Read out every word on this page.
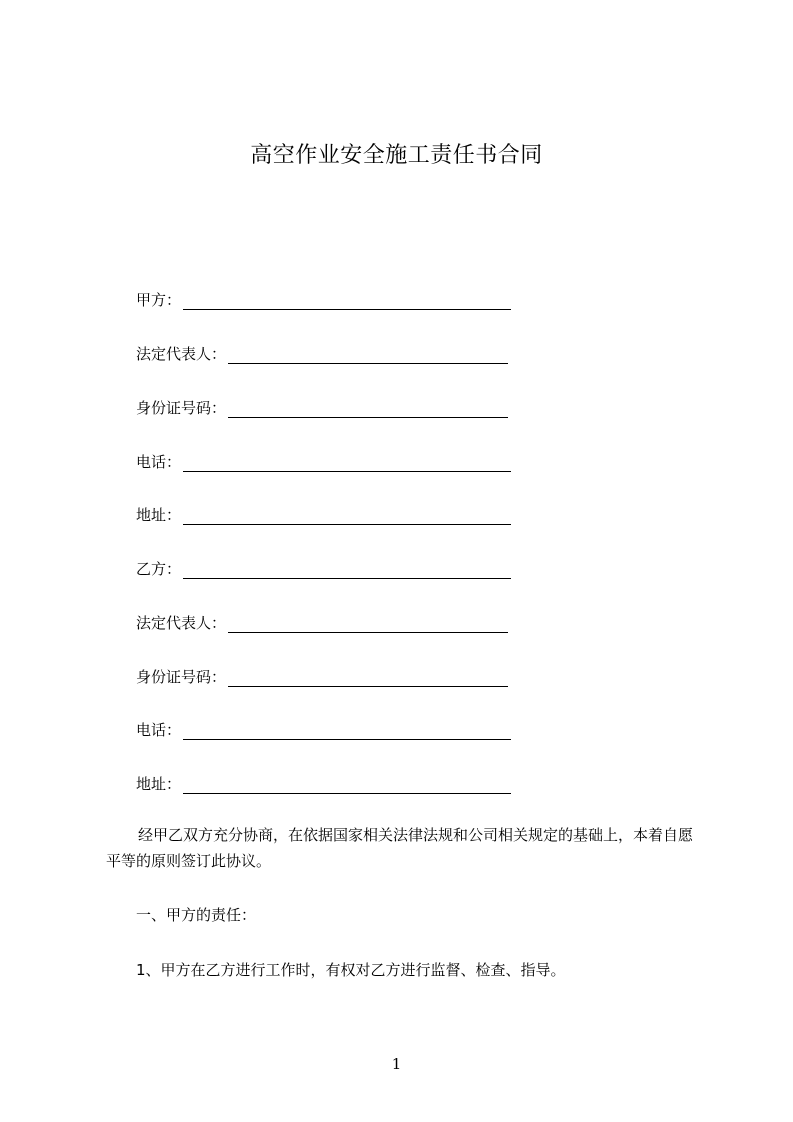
高空作业安全施工责任书合同
甲方：
法定代表人：
身份证号码：
电话：
地址：
乙方：
法定代表人：
身份证号码：
电话：
地址：
经甲乙双方充分协商，在依据国家相关法律法规和公司相关规定的基础上，本着自愿平等的原则签订此协议。
一、甲方的责任：
1、甲方在乙方进行工作时，有权对乙方进行监督、检查、指导。
1
